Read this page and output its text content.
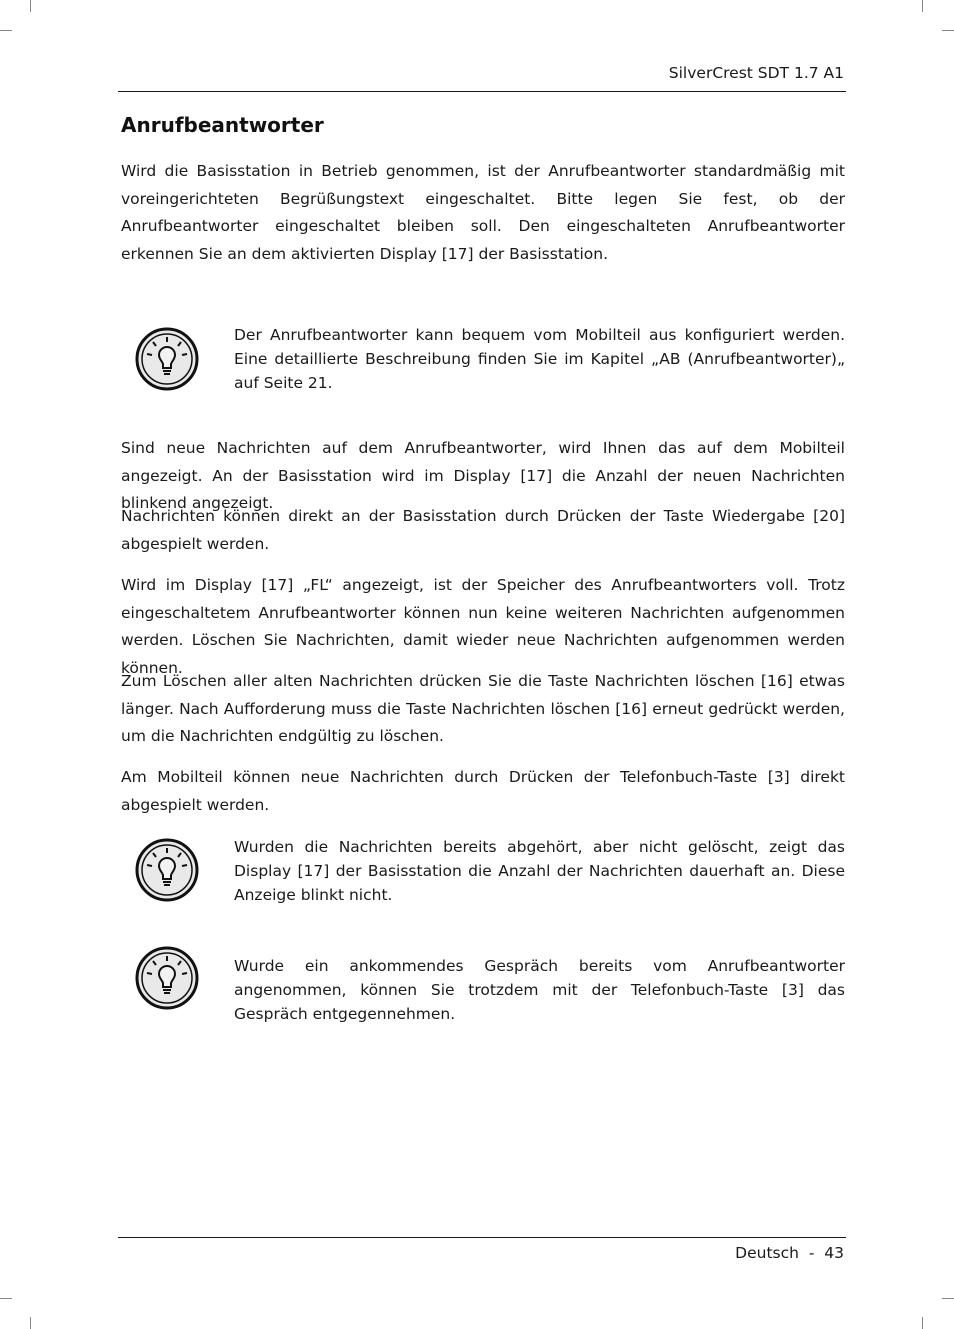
SilverCrest SDT 1.7 A1
Anrufbeantworter

Wird die Basisstation in Betrieb genommen, ist der Anrufbeantworter standardmäßig mit voreingerichteten Begrüßungstext eingeschaltet. Bitte legen Sie fest, ob der Anrufbeantworter eingeschaltet bleiben soll. Den eingeschalteten Anrufbeantworter erkennen Sie an dem aktivierten Display [17] der Basisstation.

Der Anrufbeantworter kann bequem vom Mobilteil aus konfiguriert werden. Eine detaillierte Beschreibung finden Sie im Kapitel „AB (Anrufbeantworter)„ auf Seite 21.

Sind neue Nachrichten auf dem Anrufbeantworter, wird Ihnen das auf dem Mobilteil angezeigt. An der Basisstation wird im Display [17] die Anzahl der neuen Nachrichten blinkend angezeigt.

Nachrichten können direkt an der Basisstation durch Drücken der Taste Wiedergabe [20] abgespielt werden.

Wird im Display [17] „FL“ angezeigt, ist der Speicher des Anrufbeantworters voll. Trotz eingeschaltetem Anrufbeantworter können nun keine weiteren Nachrichten aufgenommen werden. Löschen Sie Nachrichten, damit wieder neue Nachrichten aufgenommen werden können.

Zum Löschen aller alten Nachrichten drücken Sie die Taste Nachrichten löschen [16] etwas länger. Nach Aufforderung muss die Taste Nachrichten löschen [16] erneut gedrückt werden, um die Nachrichten endgültig zu löschen.

Am Mobilteil können neue Nachrichten durch Drücken der Telefonbuch-Taste [3] direkt abgespielt werden.

Wurden die Nachrichten bereits abgehört, aber nicht gelöscht, zeigt das Display [17] der Basisstation die Anzahl der Nachrichten dauerhaft an. Diese Anzeige blinkt nicht.

Wurde ein ankommendes Gespräch bereits vom Anrufbeantworter angenommen, können Sie trotzdem mit der Telefonbuch-Taste [3] das Gespräch entgegennehmen.

Deutsch  -  43
